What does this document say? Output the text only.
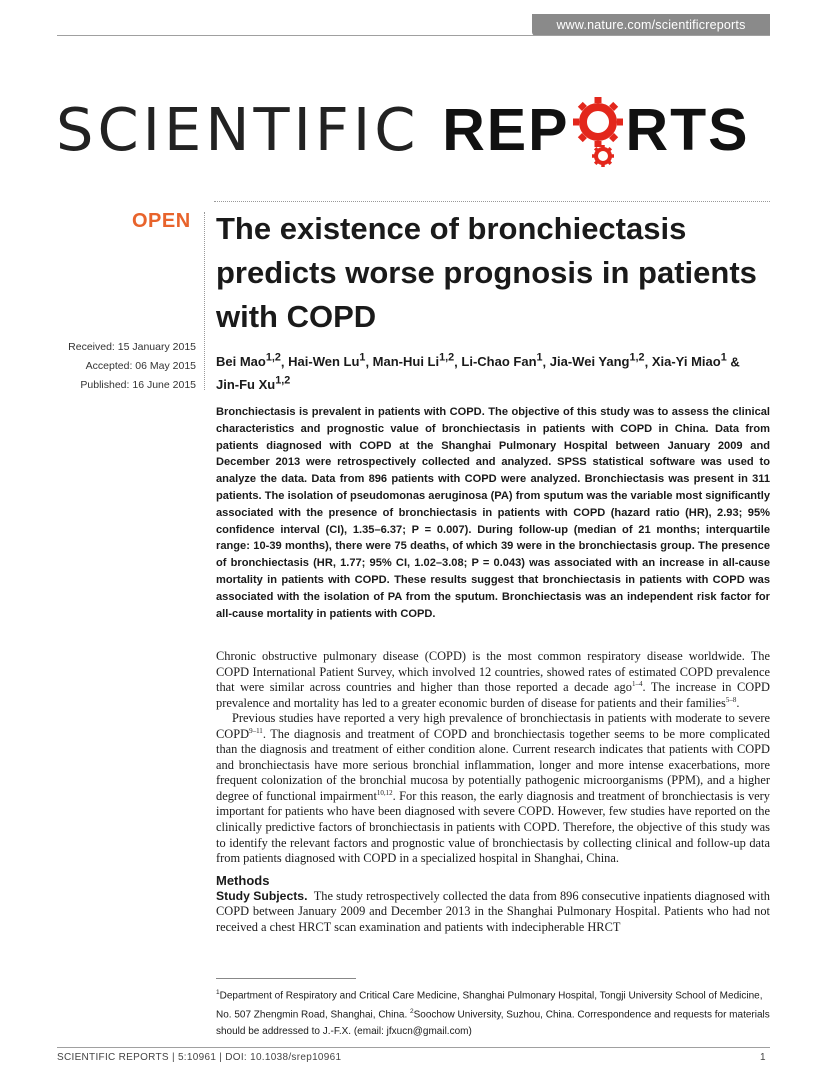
www.nature.com/scientificreports
SCIENTIFIC REP RTS
OPEN The existence of bronchiectasis predicts worse prognosis in patients with COPD
Received: 15 January 2015
Accepted: 06 May 2015
Published: 16 June 2015

Bei Mao$^{1,2}$, Hai-Wen Lu$^1$, Man-Hui Li$^{1,2}$, Li-Chao Fan$^1$, Jia-Wei Yang$^{1,2}$, Xia-Yi Miao$^1$ &
Jin-Fu Xu$^{1,2}$

Bronchiectasis is prevalent in patients with COPD. The objective of this study was to assess the clinical characteristics and prognostic value of bronchiectasis in patients with COPD in China. Data from patients diagnosed with COPD at the Shanghai Pulmonary Hospital between January 2009 and December 2013 were retrospectively collected and analyzed. SPSS statistical software was used to analyze the data. Data from 896 patients with COPD were analyzed. Bronchiectasis was present in 311 patients. The isolation of pseudomonas aeruginosa (PA) from sputum was the variable most significantly associated with the presence of bronchiectasis in patients with COPD (hazard ratio (HR), 2.93; 95% confidence interval (CI), 1.35–6.37; P = 0.007). During follow-up (median of 21 months; interquartile range: 10-39 months), there were 75 deaths, of which 39 were in the bronchiectasis group. The presence of bronchiectasis (HR, 1.77; 95% CI, 1.02–3.08; P = 0.043) was associated with an increase in all-cause mortality in patients with COPD. These results suggest that bronchiectasis in patients with COPD was associated with the isolation of PA from the sputum. Bronchiectasis was an independent risk factor for all-cause mortality in patients with COPD.

Chronic obstructive pulmonary disease (COPD) is the most common respiratory disease worldwide. The COPD International Patient Survey, which involved 12 countries, showed rates of estimated COPD prevalence that were similar across countries and higher than those reported a decade ago$^{1-4}$. The increase in COPD prevalence and mortality has led to a greater economic burden of disease for patients and their families$^{5-8}$.

Previous studies have reported a very high prevalence of bronchiectasis in patients with moderate to severe COPD$^{9-11}$. The diagnosis and treatment of COPD and bronchiectasis together seems to be more complicated than the diagnosis and treatment of either condition alone. Current research indicates that patients with COPD and bronchiectasis have more serious bronchial inflammation, longer and more intense exacerbations, more frequent colonization of the bronchial mucosa by potentially pathogenic microorganisms (PPM), and a higher degree of functional impairment$^{10,12}$. For this reason, the early diagnosis and treatment of bronchiectasis is very important for patients who have been diagnosed with severe COPD. However, few studies have reported on the clinically predictive factors of bronchiectasis in patients with COPD. Therefore, the objective of this study was to identify the relevant factors and prognostic value of bronchiectasis by collecting clinical and follow-up data from patients diagnosed with COPD in a specialized hospital in Shanghai, China.

Methods

Study Subjects. The study retrospectively collected the data from 896 consecutive inpatients diagnosed with COPD between January 2009 and December 2013 in the Shanghai Pulmonary Hospital. Patients who had not received a chest HRCT scan examination and patients with indecipherable HRCT

$^1$Department of Respiratory and Critical Care Medicine, Shanghai Pulmonary Hospital, Tongji University School of Medicine, No. 507 Zhengmin Road, Shanghai, China. $^2$Soochow University, Suzhou, China. Correspondence and requests for materials should be addressed to J.-F.X. (email: jfxucn@gmail.com)

SCIENTIFIC REPORTS | 5:10961 | DOI: 10.1038/srep10961	1
